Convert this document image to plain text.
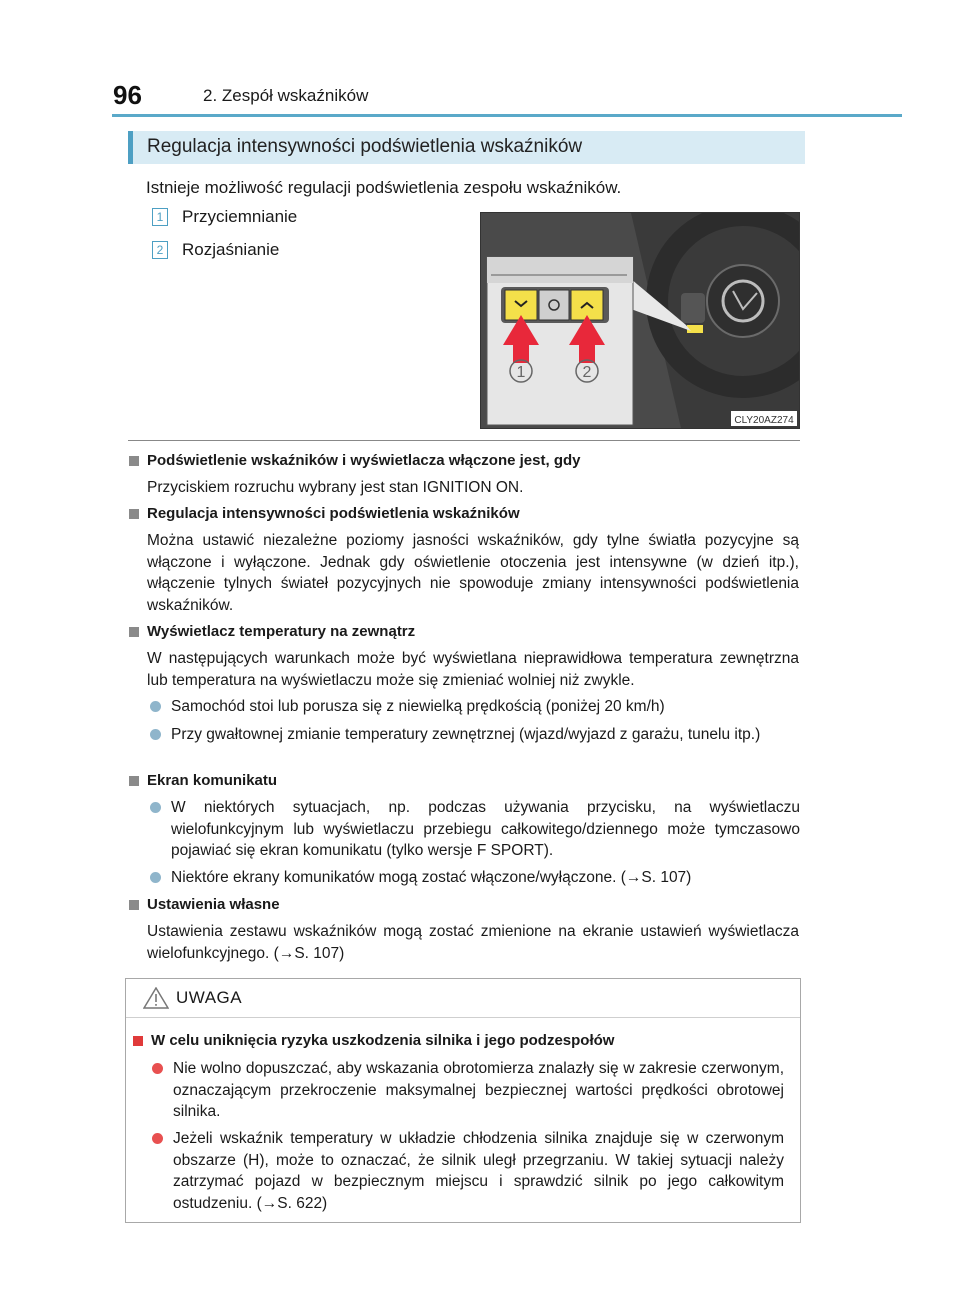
96	2. Zespół wskaźników
Regulacja intensywności podświetlenia wskaźników
Istnieje możliwość regulacji podświetlenia zespołu wskaźników.
1 Przyciemnianie
2 Rozjaśnianie
1	2
CLY20AZ274
Podświetlenie wskaźników i wyświetlacza włączone jest, gdy
Przyciskiem rozruchu wybrany jest stan IGNITION ON.
Regulacja intensywności podświetlenia wskaźników
Można ustawić niezależne poziomy jasności wskaźników, gdy tylne światła pozycyjne są włączone i wyłączone. Jednak gdy oświetlenie otoczenia jest intensywne (w dzień itp.), włączenie tylnych świateł pozycyjnych nie spowoduje zmiany intensywności podświetlenia wskaźników.
Wyświetlacz temperatury na zewnątrz
W następujących warunkach może być wyświetlana nieprawidłowa temperatura zewnętrzna lub temperatura na wyświetlaczu może się zmieniać wolniej niż zwykle.
Samochód stoi lub porusza się z niewielką prędkością (poniżej 20 km/h)
Przy gwałtownej zmianie temperatury zewnętrznej (wjazd/wyjazd z garażu, tunelu itp.)
Ekran komunikatu
W niektórych sytuacjach, np. podczas używania przycisku, na wyświetlaczu wielofunkcyjnym lub wyświetlaczu przebiegu całkowitego/dziennego może tymczasowo pojawiać się ekran komunikatu (tylko wersje F SPORT).
Niektóre ekrany komunikatów mogą zostać włączone/wyłączone. (→S. 107)
Ustawienia własne
Ustawienia zestawu wskaźników mogą zostać zmienione na ekranie ustawień wyświetlacza wielofunkcyjnego. (→S. 107)
UWAGA
W celu uniknięcia ryzyka uszkodzenia silnika i jego podzespołów
Nie wolno dopuszczać, aby wskazania obrotomierza znalazły się w zakresie czerwonym, oznaczającym przekroczenie maksymalnej bezpiecznej wartości prędkości obrotowej silnika.
Jeżeli wskaźnik temperatury w układzie chłodzenia silnika znajduje się w czerwonym obszarze (H), może to oznaczać, że silnik uległ przegrzaniu. W takiej sytuacji należy zatrzymać pojazd w bezpiecznym miejscu i sprawdzić silnik po jego całkowitym ostudzeniu. (→S. 622)
